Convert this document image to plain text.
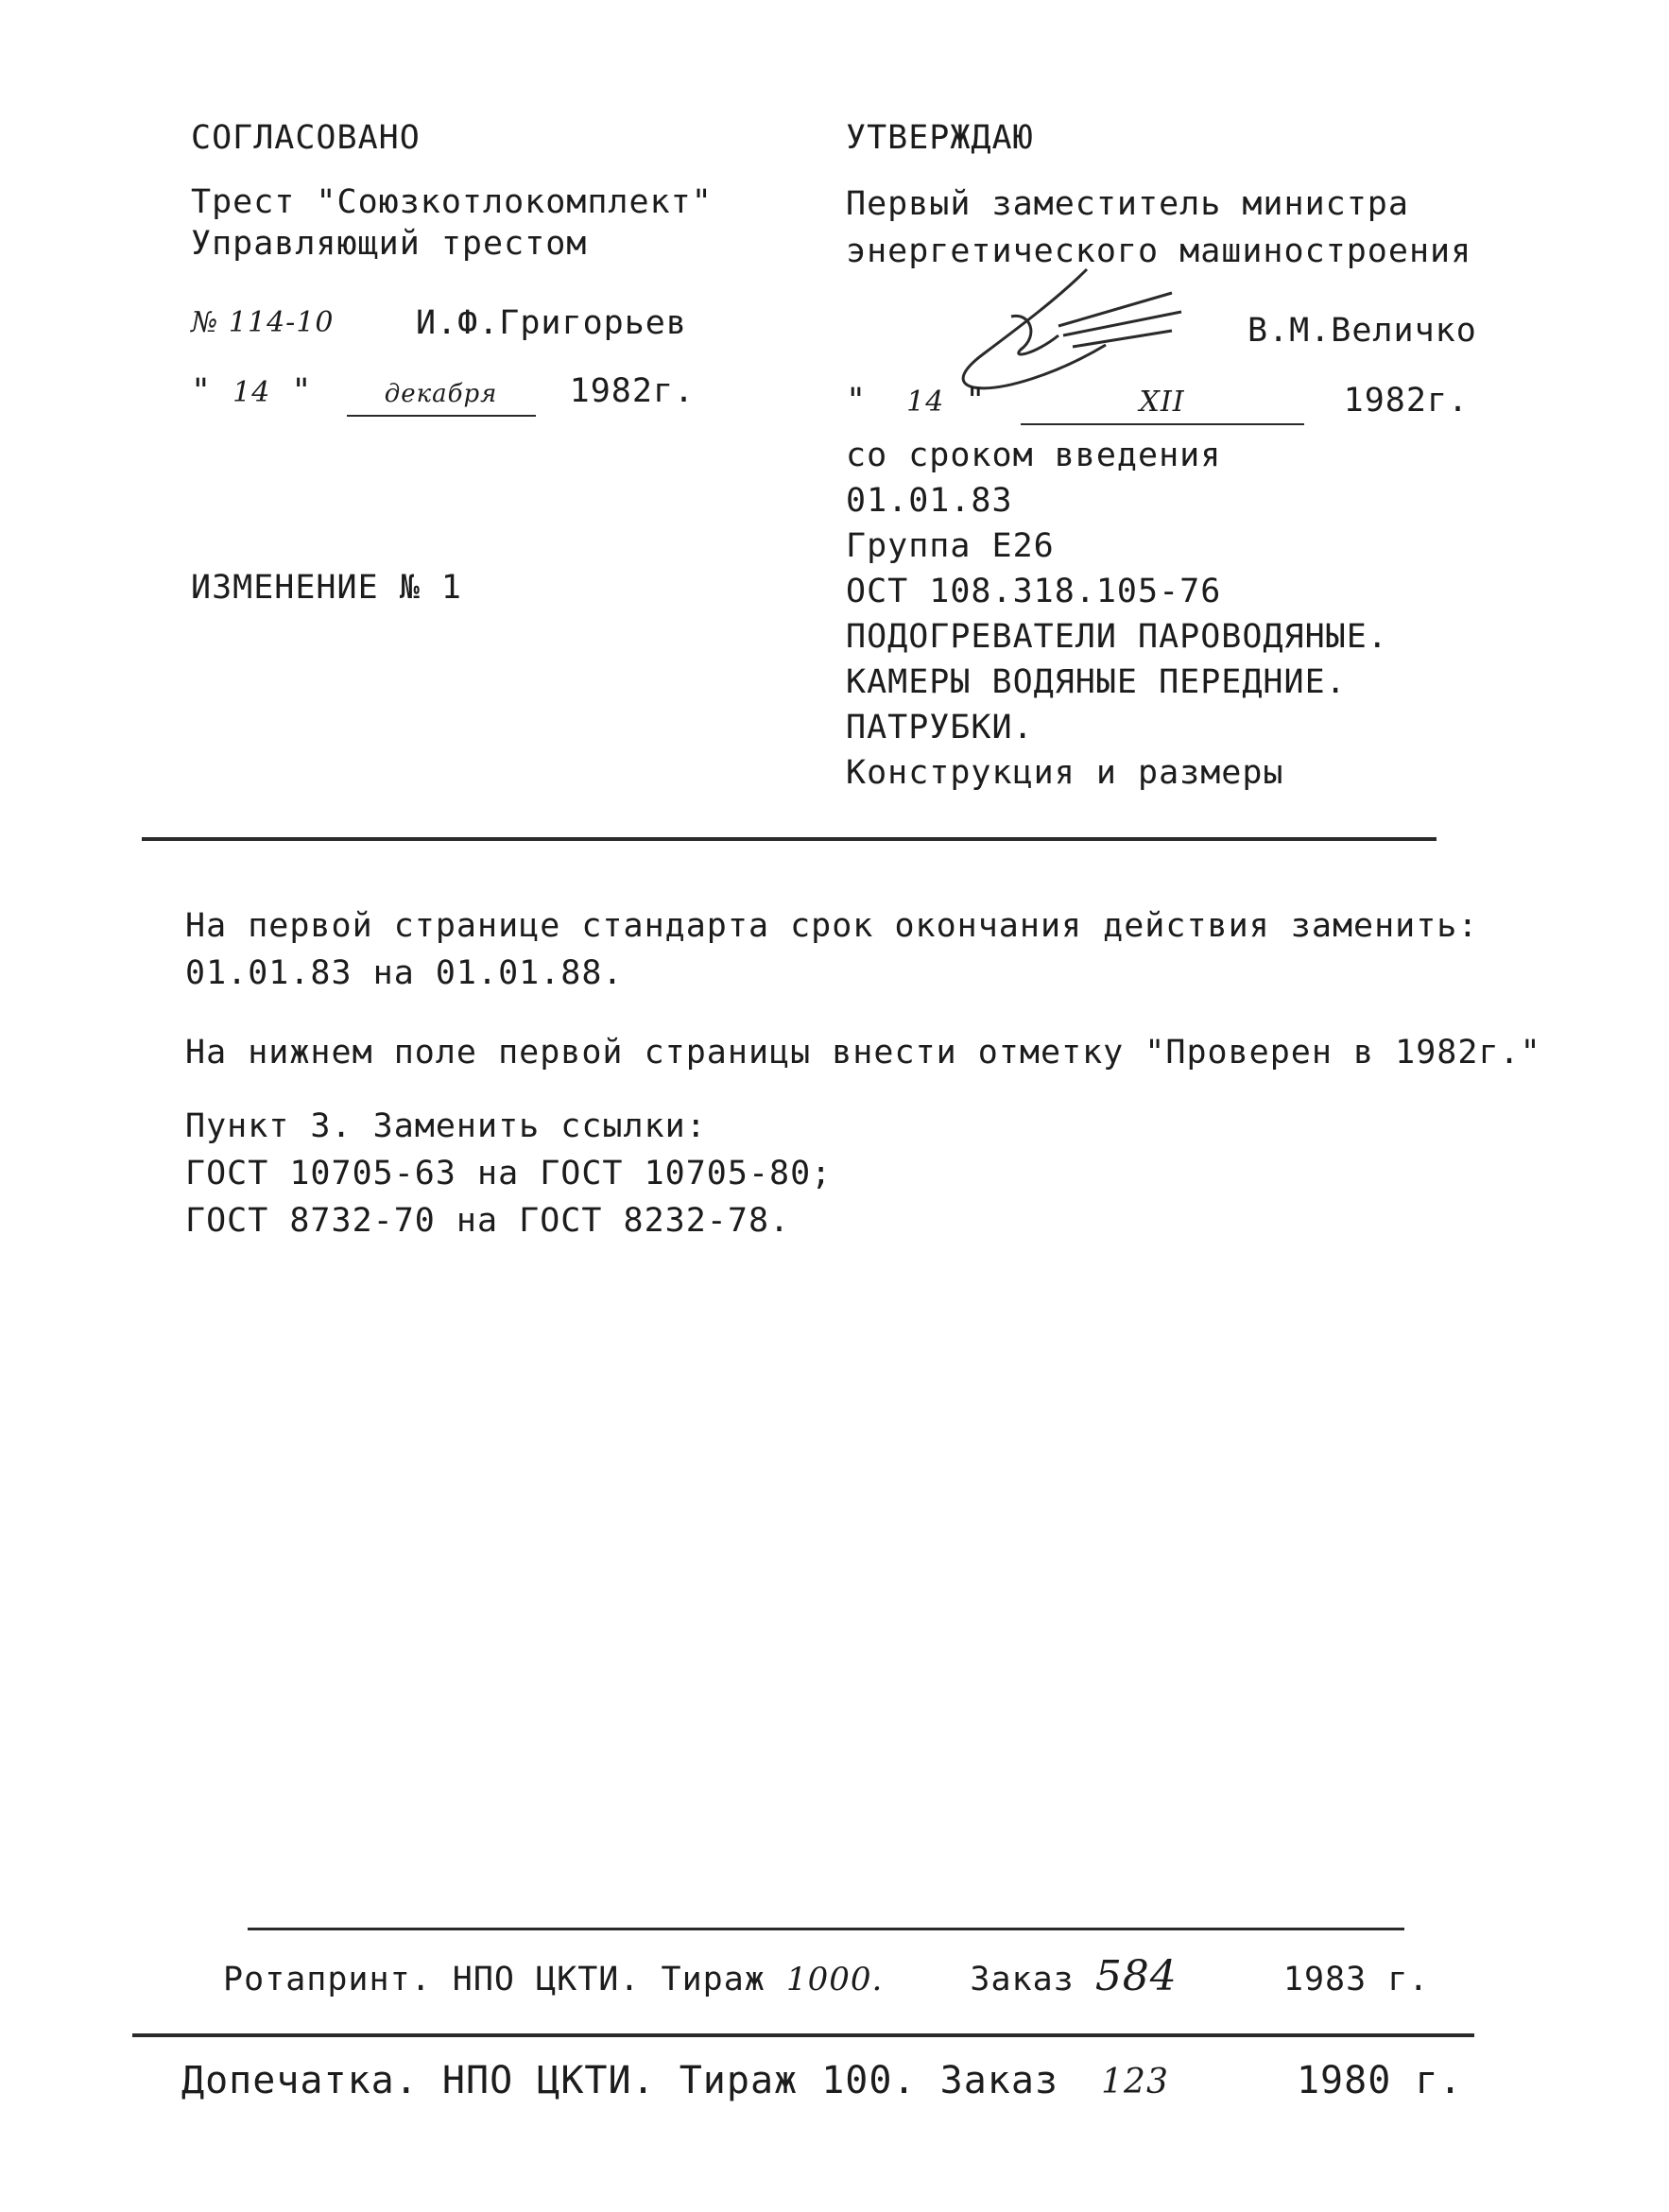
СОГЛАСОВАНО
Трест "Союзкотлокомплект"
Управляющий трестом
№ 114-10 И.Ф.Григорьев
" 14 "	декабря 1982г.
ИЗМЕНЕНИЕ № 1
УТВЕРЖДАЮ
Первый заместитель министра
энергетического машиностроения
В.М.Величко
" 14 "	XII	1982г.
со сроком введения
01.01.83
Группа Е26
ОСТ 108.318.105-76
ПОДОГРЕВАТЕЛИ ПАРОВОДЯНЫЕ.
КАМЕРЫ ВОДЯНЫЕ ПЕРЕДНИЕ.
ПАТРУБКИ.
Конструкция и размеры
На первой странице стандарта срок окончания действия заменить:
01.01.83 на 01.01.88.
На нижнем поле первой страницы внести отметку "Проверен в 1982г."
Пункт 3. Заменить ссылки:
ГОСТ 10705-63 на ГОСТ 10705-80;
ГОСТ 8732-70 на ГОСТ 8232-78.
Ротапринт. НПО ЦКТИ. Тираж 1000.	Заказ 584	1983 г.
Допечатка. НПО ЦКТИ. Тираж 100. Заказ 123	1980 г.
